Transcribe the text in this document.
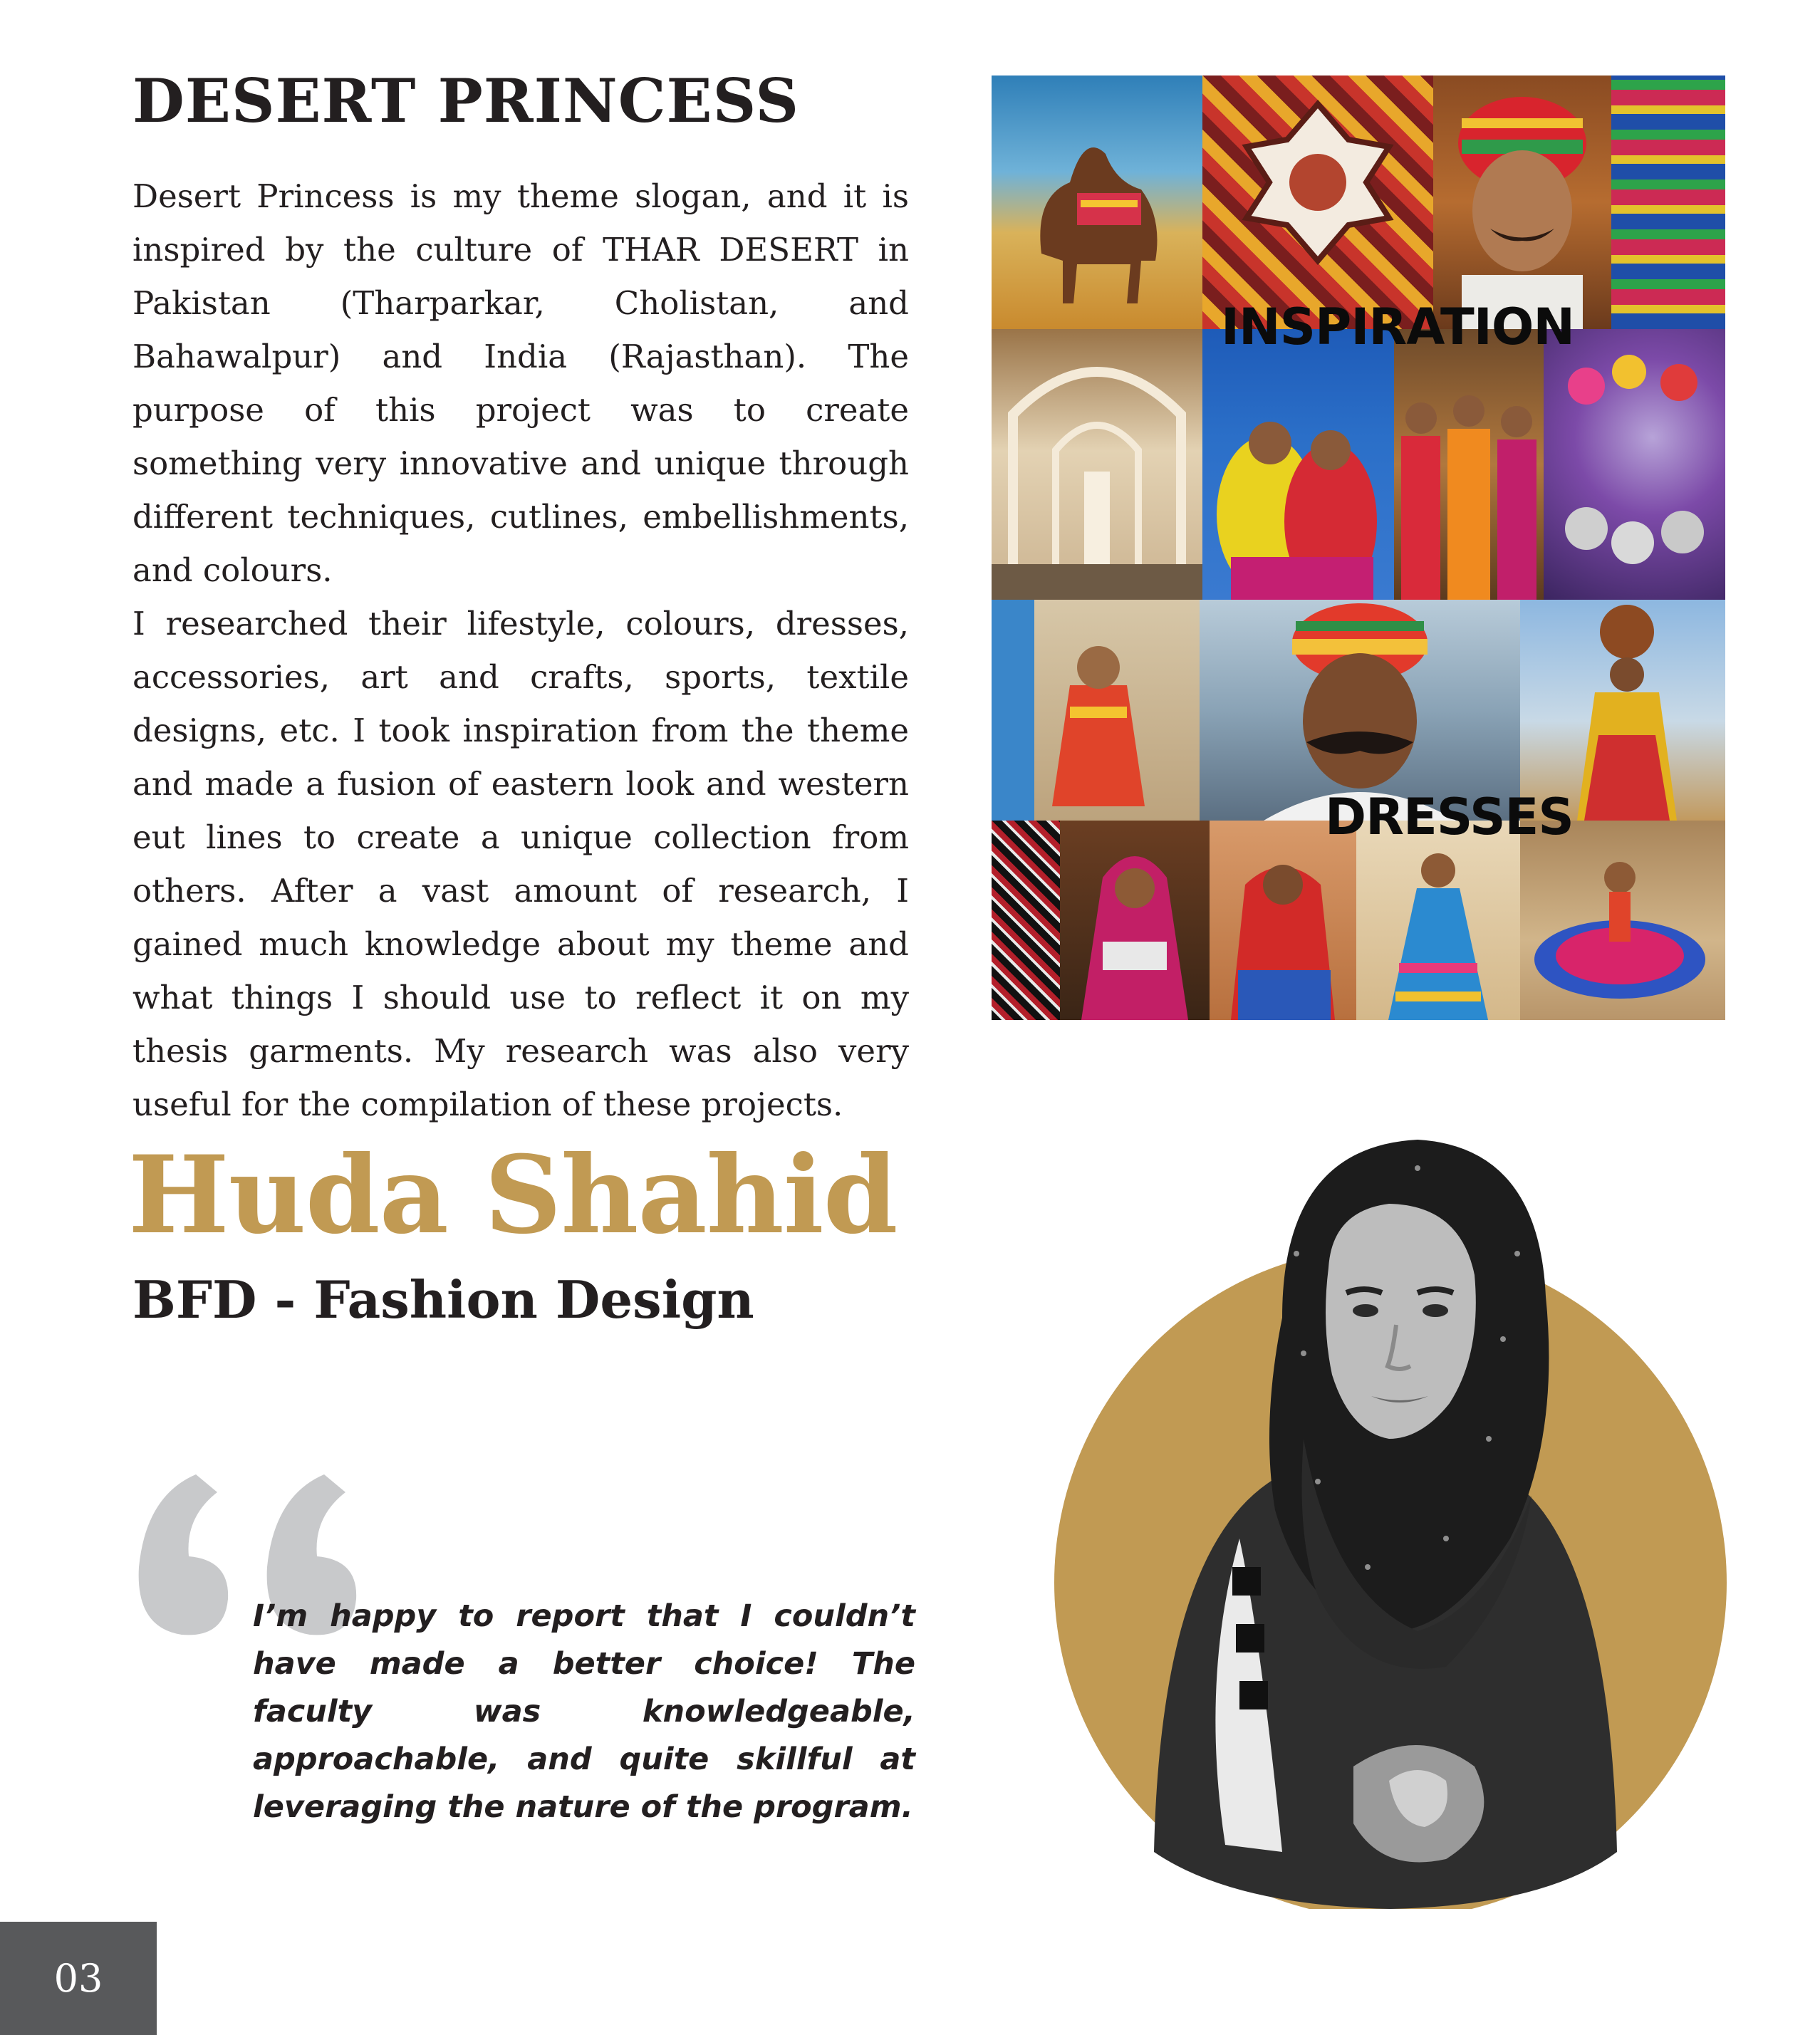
DESERT PRINCESS

Desert Princess is my theme slogan, and it is inspired by the culture of THAR DESERT in Pakistan (Tharparkar, Cholistan, and Bahawalpur) and India (Rajasthan). The purpose of this project was to create something very innovative and unique through different techniques, cutlines, embellishments, and colours.

I researched their lifestyle, colours, dresses, accessories, art and crafts, sports, textile designs, etc. I took inspiration from the theme and made a fusion of eastern look and western eut lines to create a unique collection from others. After a vast amount of research, I gained much knowledge about my theme and what things I should use to reflect it on my thesis garments. My research was also very useful for the compilation of these projects.

INSPIRATION
DRESSES
Huda Shahid
BFD - Fashion Design

I’m happy to report that I couldn’t have made a better choice! The faculty was knowledgeable, approachable, and quite skillful at leveraging the nature of the program.

03
